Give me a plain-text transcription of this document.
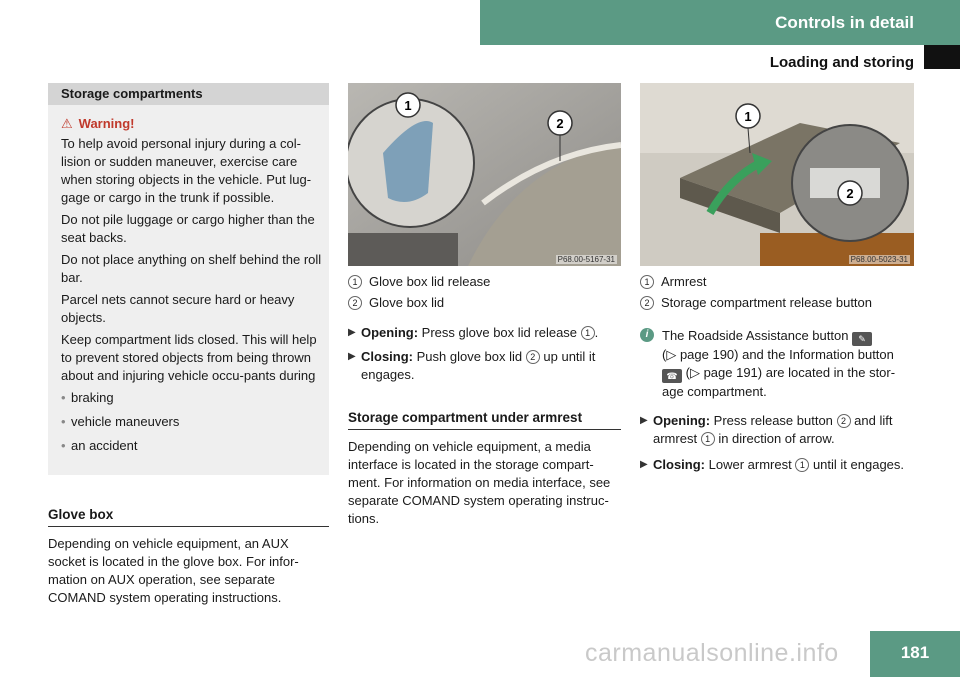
Controls in detail
Loading and storing
Storage compartments
⚠ Warning!

To help avoid personal injury during a col-lision or sudden maneuver, exercise care when storing objects in the vehicle. Put lug-gage or cargo in the trunk if possible.

Do not pile luggage or cargo higher than the seat backs.

Do not place anything on shelf behind the roll bar.

Parcel nets cannot secure hard or heavy objects.

Keep compartment lids closed. This will help to prevent stored objects from being thrown about and injuring vehicle occu-pants during

• braking
• vehicle maneuvers
• an accident
Glove box
Depending on vehicle equipment, an AUX socket is located in the glove box. For infor-mation on AUX operation, see separate COMAND system operating instructions.
1
2
P68.00-5167-31
1 Glove box lid release
2 Glove box lid
▶ Opening: Press glove box lid release 1 .
▶ Closing: Push glove box lid 2 up until it engages.
Storage compartment under armrest
Depending on vehicle equipment, a media interface is located in the storage compart-ment. For information on media interface, see separate COMAND system operating instruc-tions.
1
2
P68.00-5023-31
1 Armrest
2 Storage compartment release button
i	The Roadside Assistance button ✎
(▷ page 190) and the Information button
☎ (▷ page 191) are located in the stor-age compartment.
▶ Opening: Press release button 2 and lift armrest 1 in direction of arrow.
▶ Closing: Lower armrest 1 until it engages.
carmanualsonline.info	181
